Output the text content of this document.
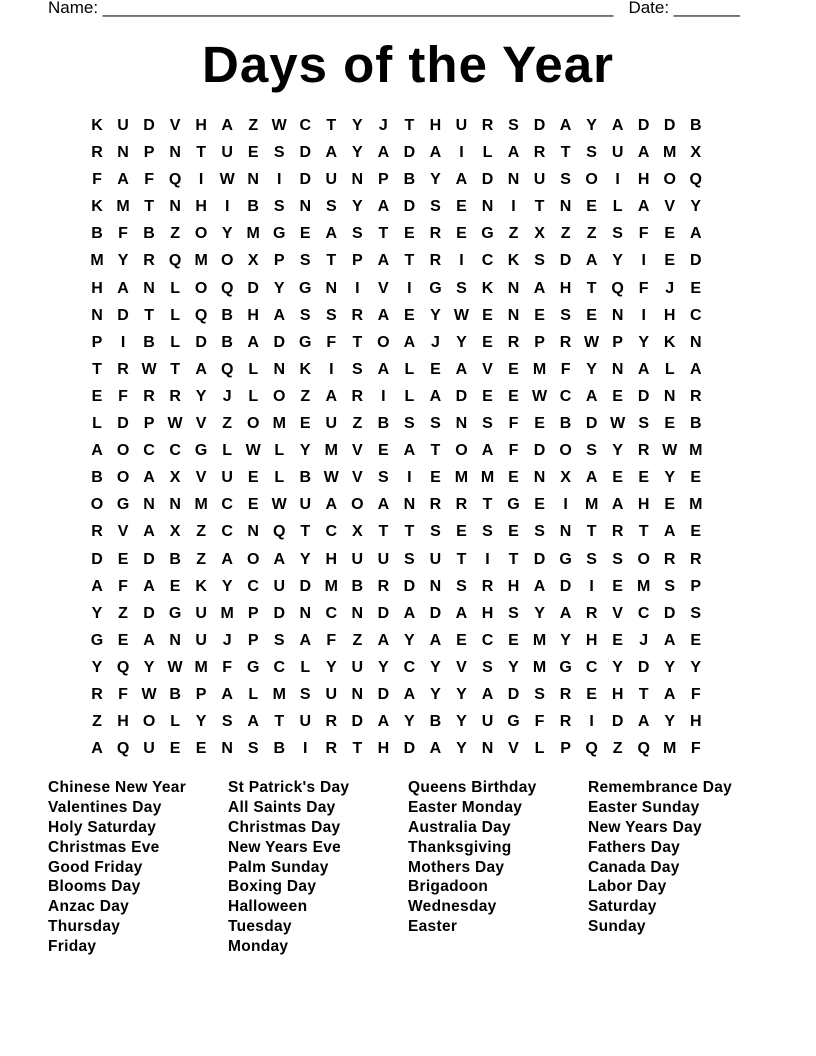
Name: ______________________________________________________ Date: _______
Days of the Year
K U D V H A Z W C T Y	J	T H U R S D A Y A D D B
R N P N T U E S D A Y A D A	I	L A R T S U A M X
F A F Q	I	W N	I	D U N P B Y A D N U S O	I	H O Q
K M T N H	I	B S N S Y A D S E N	I	T N E L A V Y
B F B Z O Y M G E A S T E R E G Z X Z	Z S F E A
M Y R Q M O X P S T P A T R	I	C K S D A Y	I	E D
H A N L O Q D Y G N	I	V	I	G S K N A H T Q F	J	E
N D T	L Q B H A S S R A E Y W E N E S E N	I	H C
P	I	B L D B A D G F	T O A J	Y E R P R W P Y K N
T R W T A Q L N K	I	S A L E A V E M F Y N A L A
E F R R Y	J	L O Z A R	I	L A D E E W C A E D N R
L D P W V Z O M E U Z B S S N S F E B D W S E B
A O C C G L W L Y M V E A T O A F D O S Y R W M
B O A X V U E L B W V S	I	E M M E N X A E E Y E
O G N N M C E W U A O A N R R T G E	I	M A H E M
R V A X Z C N Q T C X T	T S E S E S N T R T A E
D E D B Z A O A Y H U U S U T	I	T D G S S O R R
A F A E K Y C U D M B R D N S R H A D	I	E M S P
Y Z D G U M P D N C N D A D A H S Y A R V C D S
G E A N U J	P S A F	Z A Y A E C E M Y H E	J A E
Y Q Y W M F G C L Y U Y C Y V S Y M G C Y D Y Y
R F W B P A L M S U N D A Y Y A D S R E H T A F
Z H O L Y S A T U R D A Y B Y U G F R	I	D A Y H
A Q U E E N S B	I	R T H D A Y N V L P Q Z Q M F
Chinese New Year	St Patrick's Day	Queens Birthday	Remembrance Day
Valentines Day	All Saints Day	Easter Monday	Easter Sunday
Holy Saturday	Christmas Day	Australia Day	New Years Day
Christmas Eve	New Years Eve	Thanksgiving	Fathers Day
Good Friday	Palm Sunday	Mothers Day	Canada Day
Blooms Day	Boxing Day	Brigadoon	Labor Day
Anzac Day	Halloween	Wednesday	Saturday
Thursday	Tuesday	Easter	Sunday
Friday	Monday
